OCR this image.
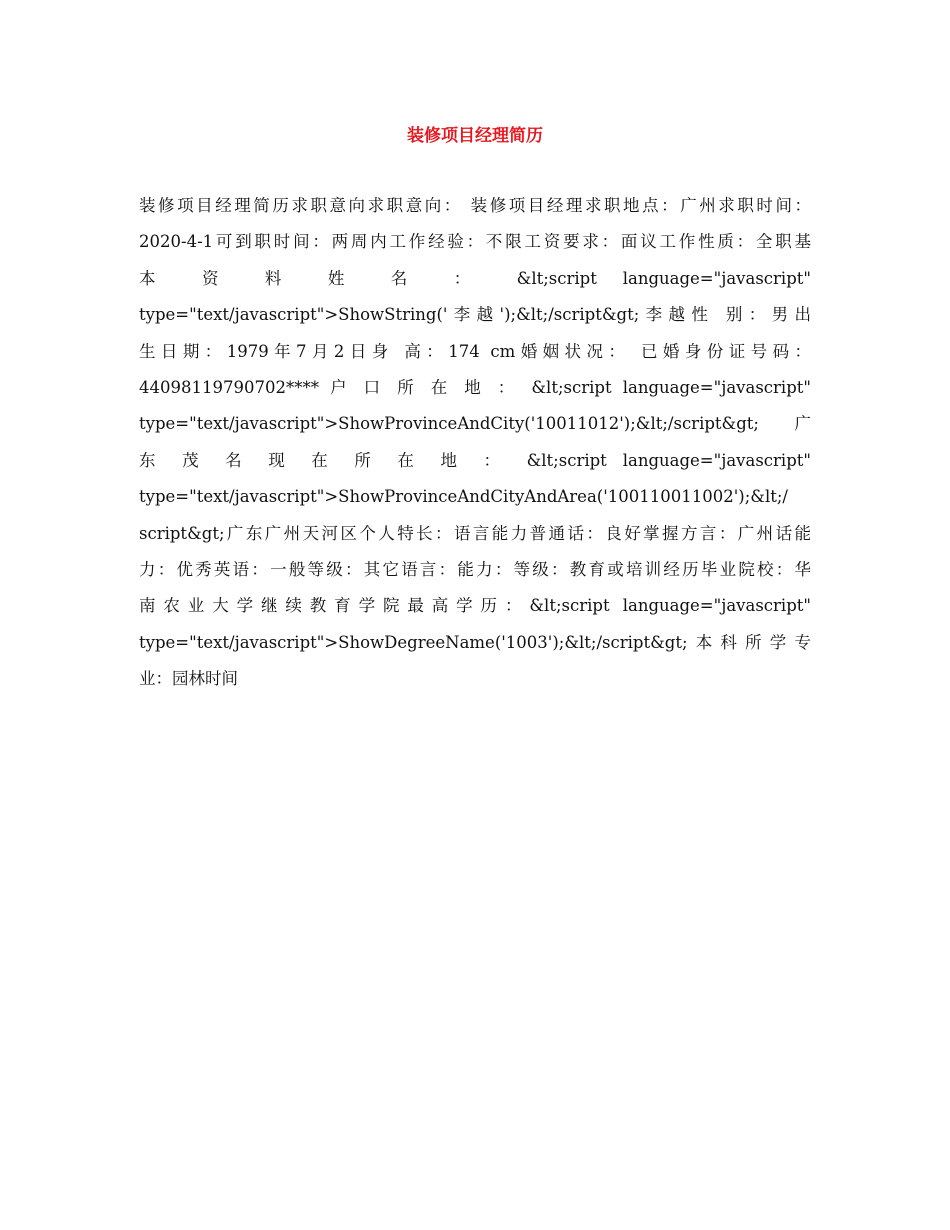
装修项目经理简历
装修项目经理简历求职意向求职意向： 装修项目经理求职地点：广州求职时间：
2020-4-1可到职时间：两周内工作经验：不限工资要求：面议工作性质：全职基
本 资 料 姓 名 ： &lt;script language="javascript"
type="text/javascript">ShowString('李越');&lt;/script&gt;李越性 别：男出
生日期：1979年7月2日身 高：174 cm婚姻状况： 已婚身份证号码：
44098119790702**** 户 口 所 在 地 ： &lt;script language="javascript"
type="text/javascript">ShowProvinceAndCity('10011012');&lt;/script&gt;广
东 茂 名 现 在 所 在 地 ： &lt;script language="javascript"
type="text/javascript">ShowProvinceAndCityAndArea('100110011002');&lt;/
script&gt;广东广州天河区个人特长：语言能力普通话：良好掌握方言：广州话能
力：优秀英语：一般等级：其它语言：能力：等级：教育或培训经历毕业院校：华
南农业大学继续教育学院最高学历：&lt;script language="javascript"
type="text/javascript">ShowDegreeName('1003');&lt;/script&gt;本科所学专
业：园林时间
